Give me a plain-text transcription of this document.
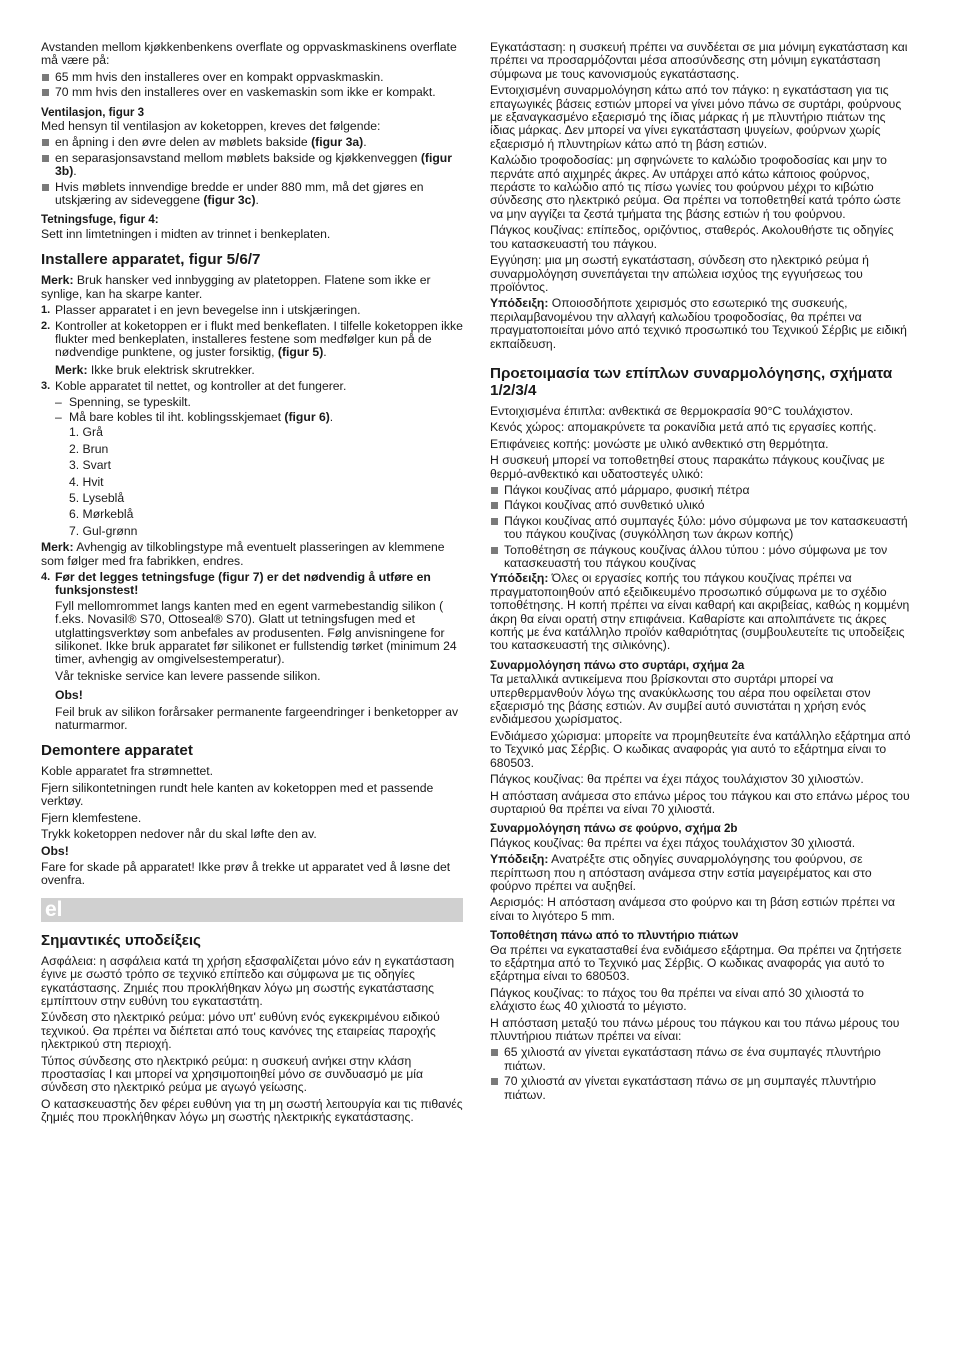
Avstanden mellom kjøkkenbenkens overflate og oppvaskmaskinens overflate må være på:

65 mm hvis den installeres over en kompakt oppvaskmaskin.
70 mm hvis den installeres over en vaskemaskin som ikke er kompakt.
Ventilasjon, figur 3

Med hensyn til ventilasjon av koketoppen, kreves det følgende:

en åpning i den øvre delen av møblets bakside (figur 3a).
en separasjonsavstand mellom møblets bakside og kjøkkenveggen (figur 3b).
Hvis møblets innvendige bredde er under 880 mm, må det gjøres en utskjæring av sideveggene (figur 3c).
Tetningsfuge, figur 4:

Sett inn limtetningen i midten av trinnet i benkeplaten.

Installere apparatet, figur 5/6/7

Merk: Bruk hansker ved innbygging av platetoppen. Flatene som ikke er synlige, kan ha skarpe kanter.

1. Plasser apparatet i en jevn bevegelse inn i utskjæringen.
2. Kontroller at koketoppen er i flukt med benkeflaten. I tilfelle koketoppen ikke flukter med benkeplaten, installeres festene som medfølger kun på de nødvendige punktene, og juster forsiktig, (figur 5).
Merk: Ikke bruk elektrisk skrutrekker.
3. Koble apparatet til nettet, og kontroller at det fungerer.
– Spenning, se typeskilt.
– Må bare kobles til iht. koblingsskjemaet (figur 6).
1. Grå
2. Brun
3. Svart
4. Hvit
5. Lyseblå
6. Mørkeblå
7. Gul-grønn

Merk: Avhengig av tilkoblingstype må eventuelt plasseringen av klemmene som følger med fra fabrikken, endres.

4. Før det legges tetningsfuge (figur 7) er det nødvendig å utføre en funksjonstest!

Fyll mellomrommet langs kanten med en egent varmebestandig silikon ( f.eks. Novasil® S70, Ottoseal® S70). Glatt ut tetningsfugen med et utglattingsverktøy som anbefales av produsenten. Følg anvisningene for silikonet. Ikke bruk apparatet før silikonet er fullstendig tørket (minimum 24 timer, avhengig av omgivelsestemperatur).

Vår tekniske service kan levere passende silikon.

Obs!

Feil bruk av silikon forårsaker permanente fargeendringer i benketopper av naturmarmor.

Demontere apparatet

Koble apparatet fra strømnettet.

Fjern silikontetningen rundt hele kanten av koketoppen med et passende verktøy.

Fjern klemfestene.

Trykk koketoppen nedover når du skal løfte den av.

Obs!

Fare for skade på apparatet! Ikke prøv å trekke ut apparatet ved å løsne det ovenfra.

el
Σημαντικές υποδείξεις

Ασφάλεια: η ασφάλεια κατά τη χρήση εξασφαλίζεται μόνο εάν η εγκατάσταση έγινε με σωστό τρόπο σε τεχνικό επίπεδο και σύμφωνα με τις οδηγίες εγκατάστασης. Ζημιές που προκλήθηκαν λόγω μη σωστής εγκατάστασης εμπίπτουν στην ευθύνη του εγκαταστάτη.

Σύνδεση στο ηλεκτρικό ρεύμα: μόνο υπ' ευθύνη ενός εγκεκριμένου ειδικού τεχνικού. Θα πρέπει να διέπεται από τους κανόνες της εταιρείας παροχής ηλεκτρικού στη περιοχή.

Τύπος σύνδεσης στο ηλεκτρικό ρεύμα: η συσκευή ανήκει στην κλάση προστασίας I και μπορεί να χρησιμοποιηθεί μόνο σε συνδυασμό με μία σύνδεση στο ηλεκτρικό ρεύμα με αγωγό γείωσης.

Ο κατασκευαστής δεν φέρει ευθύνη για τη μη σωστή λειτουργία και τις πιθανές ζημιές που προκλήθηκαν λόγω μη σωστής ηλεκτρικής εγκατάστασης.

Εγκατάσταση: η συσκευή πρέπει να συνδέεται σε μια μόνιμη εγκατάσταση και πρέπει να προσαρμόζονται μέσα αποσύνδεσης στη μόνιμη εγκατάσταση σύμφωνα με τους κανονισμούς εγκατάστασης.

Εντοιχισμένη συναρμολόγηση κάτω από τον πάγκο: η εγκατάσταση για τις επαγωγικές βάσεις εστιών μπορεί να γίνει μόνο πάνω σε συρτάρι, φούρνους με εξαναγκασμένο εξαερισμό της ίδιας μάρκας ή με πλυντήριο πιάτων της ίδιας μάρκας. Δεν μπορεί να γίνει εγκατάσταση ψυγείων, φούρνων χωρίς εξαερισμό ή πλυντηρίων κάτω από τη βάση εστιών.

Καλώδιο τροφοδοσίας: μη σφηνώνετε το καλώδιο τροφοδοσίας και μην το περνάτε από αιχμηρές άκρες. Αν υπάρχει από κάτω κάποιος φούρνος, περάστε το καλώδιο από τις πίσω γωνίες του φούρνου μέχρι το κιβώτιο σύνδεσης στο ηλεκτρικό ρεύμα. Θα πρέπει να τοποθετηθεί κατά τρόπο ώστε να μην αγγίζει τα ζεστά τμήματα της βάσης εστιών ή του φούρνου.

Πάγκος κουζίνας: επίπεδος, οριζόντιος, σταθερός. Ακολουθήστε τις οδηγίες του κατασκευαστή του πάγκου.

Εγγύηση: μια μη σωστή εγκατάσταση, σύνδεση στο ηλεκτρικό ρεύμα ή συναρμολόγηση συνεπάγεται την απώλεια ισχύος της εγγυήσεως του προϊόντος.

Υπόδειξη: Οποιοσδήποτε χειρισμός στο εσωτερικό της συσκευής, περιλαμβανομένου την αλλαγή καλωδίου τροφοδοσίας, θα πρέπει να πραγματοποιείται μόνο από τεχνικό προσωπικό του Τεχνικού Σέρβις με ειδική εκπαίδευση.

Προετοιμασία των επίπλων συναρμολόγησης, σχήματα 1/2/3/4

Εντοιχισμένα έπιπλα: ανθεκτικά σε θερμοκρασία 90°C τουλάχιστον.

Κενός χώρος: απομακρύνετε τα ροκανίδια μετά από τις εργασίες κοπής.

Επιφάνειες κοπής: μονώστε με υλικό ανθεκτικό στη θερμότητα.

Η συσκευή μπορεί να τοποθετηθεί στους παρακάτω πάγκους κουζίνας με θερμό-ανθεκτικό και υδατοστεγές υλικό:

Πάγκοι κουζίνας από μάρμαρο, φυσική πέτρα
Πάγκοι κουζίνας από συνθετικό υλικό
Πάγκοι κουζίνας από συμπαγές ξύλο: μόνο σύμφωνα με τον κατασκευαστή του πάγκου κουζίνας (συγκόλληση των άκρων κοπής)
Τοποθέτηση σε πάγκους κουζίνας άλλου τύπου : μόνο σύμφωνα με τον κατασκευαστή του πάγκου κουζίνας

Υπόδειξη: Όλες οι εργασίες κοπής του πάγκου κουζίνας πρέπει να πραγματοποιηθούν από εξειδικευμένο προσωπικό σύμφωνα με το σχέδιο τοποθέτησης. Η κοπή πρέπει να είναι καθαρή και ακριβείας, καθώς η κομμένη άκρη θα είναι ορατή στην επιφάνεια. Καθαρίστε και απολιπάνετε τις άκρες κοπής με ένα κατάλληλο προϊόν καθαριότητας (συμβουλευτείτε τις υποδείξεις του κατασκευαστή της σιλικόνης).

Συναρμολόγηση πάνω στο συρτάρι, σχήμα 2a

Τα μεταλλικά αντικείμενα που βρίσκονται στο συρτάρι μπορεί να υπερθερμανθούν λόγω της ανακύκλωσης του αέρα που οφείλεται στον εξαερισμό της βάσης εστιών. Αν συμβεί αυτό συνιστάται η χρήση ενός ενδιάμεσου χωρίσματος.

Ενδιάμεσο χώρισμα: μπορείτε να προμηθευτείτε ένα κατάλληλο εξάρτημα από το Τεχνικό μας Σέρβις. Ο κωδικας αναφοράς για αυτό το εξάρτημα είναι το 680503.

Πάγκος κουζίνας: θα πρέπει να έχει πάχος τουλάχιστον 30 χιλιοστών.

Η απόσταση ανάμεσα στο επάνω μέρος του πάγκου και στο επάνω μέρος του συρταριού θα πρέπει να είναι 70 χιλιοστά.

Συναρμολόγηση πάνω σε φούρνο, σχήμα 2b

Πάγκος κουζίνας: θα πρέπει να έχει πάχος τουλάχιστον 30 χιλιοστά.

Υπόδειξη: Ανατρέξτε στις οδηγίες συναρμολόγησης του φούρνου, σε περίπτωση που η απόσταση ανάμεσα στην εστία μαγειρέματος και στο φούρνο πρέπει να αυξηθεί.

Αερισμός: Η απόσταση ανάμεσα στο φούρνο και τη βάση εστιών πρέπει να είναι το λιγότερο 5 mm.

Τοποθέτηση πάνω από το πλυντήριο πιάτων

Θα πρέπει να εγκατασταθεί ένα ενδιάμεσο εξάρτημα. Θα πρέπει να ζητήσετε το εξάρτημα από το Τεχνικό μας Σέρβις. Ο κωδικας αναφοράς για αυτό το εξάρτημα είναι το 680503.

Πάγκος κουζίνας: το πάχος του θα πρέπει να είναι από 30 χιλιοστά το ελάχιστο έως 40 χιλιοστά το μέγιστο.

Η απόσταση μεταξύ του πάνω μέρους του πάγκου και του πάνω μέρους του πλυντήριου πιάτων πρέπει να είναι:

65 χιλιοστά αν γίνεται εγκατάσταση πάνω σε ένα συμπαγές πλυντήριο πιάτων.
70 χιλιοστά αν γίνεται εγκατάσταση πάνω σε μη συμπαγές πλυντήριο πιάτων.
